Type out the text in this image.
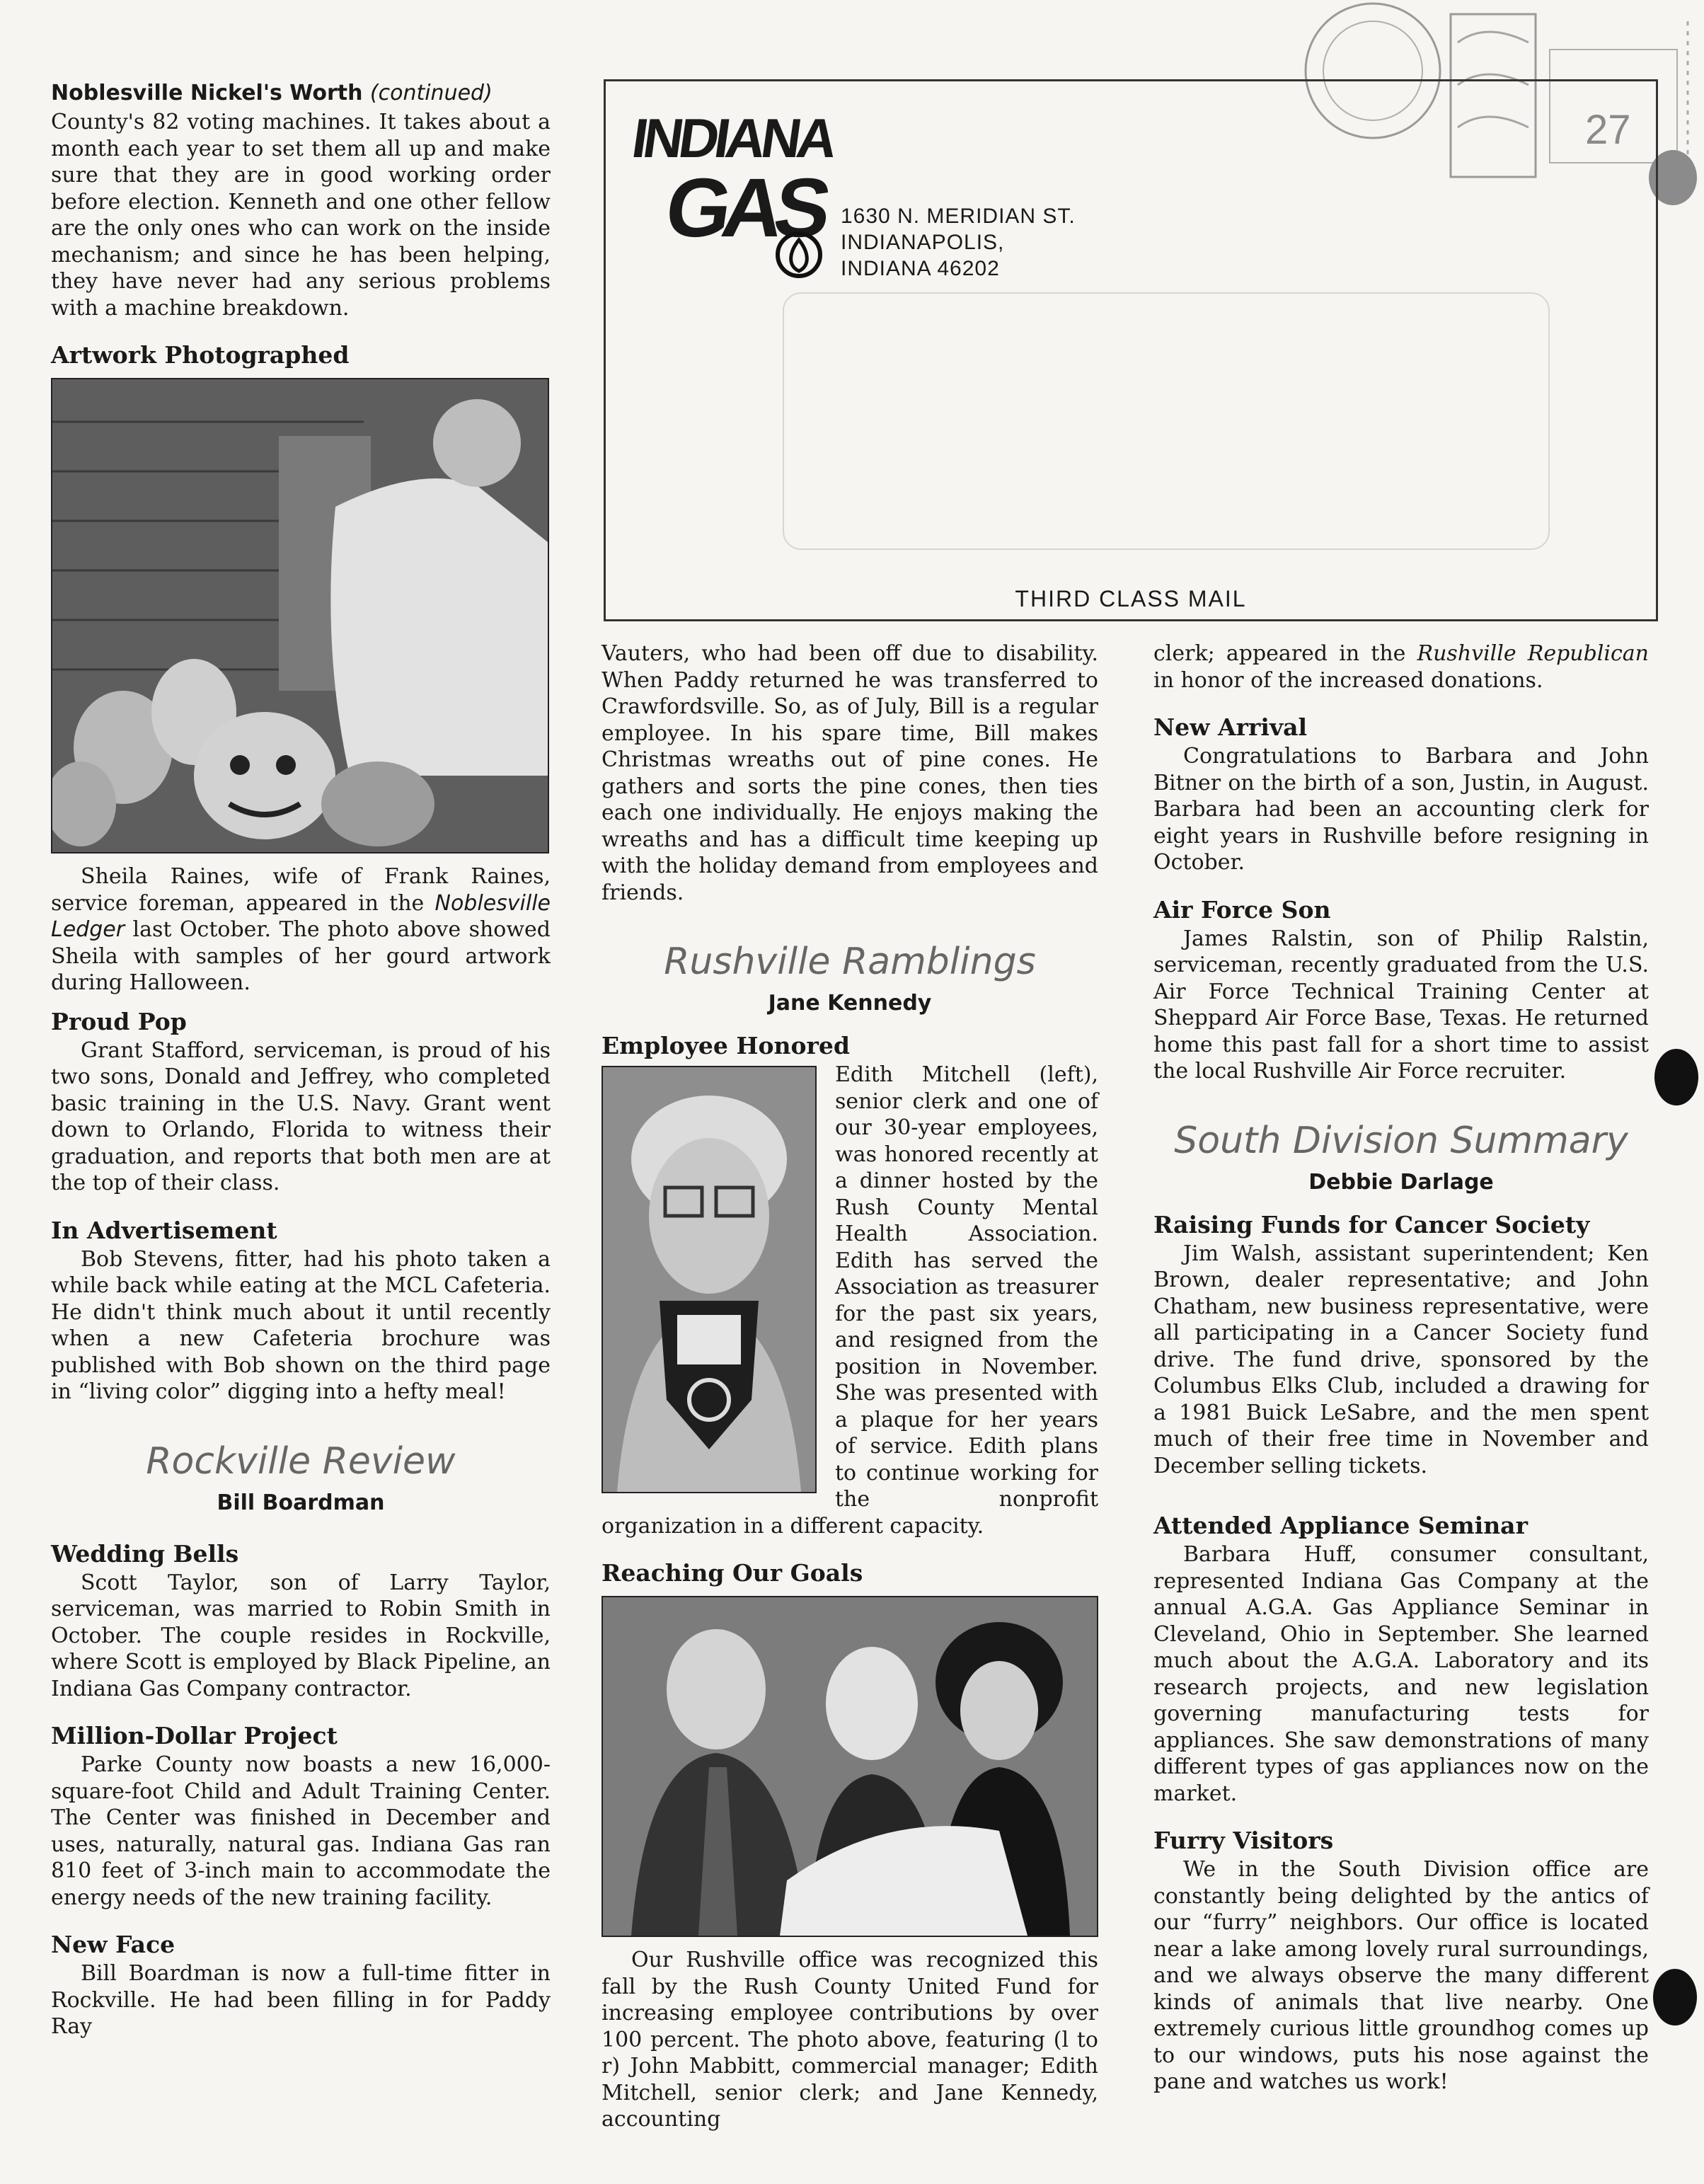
27
INDIANA
GAS 1630 N. MERIDIAN ST.
INDIANAPOLIS,
INDIANA 46202
THIRD CLASS MAIL
Noblesville Nickel's Worth (continued)

County's 82 voting machines. It takes about a month each year to set them all up and make sure that they are in good working order before election. Kenneth and one other fellow are the only ones who can work on the inside mechanism; and since he has been helping, they have never had any serious problems with a machine breakdown.

Artwork Photographed

Sheila Raines, wife of Frank Raines, service foreman, appeared in the Noblesville Ledger last October. The photo above showed Sheila with samples of her gourd artwork during Halloween.

Proud Pop

Grant Stafford, serviceman, is proud of his two sons, Donald and Jeffrey, who completed basic training in the U.S. Navy. Grant went down to Orlando, Florida to witness their graduation, and reports that both men are at the top of their class.

In Advertisement

Bob Stevens, fitter, had his photo taken a while back while eating at the MCL Cafeteria. He didn't think much about it until recently when a new Cafeteria brochure was published with Bob shown on the third page in “living color” digging into a hefty meal!

Rockville Review
Bill Boardman
Wedding Bells

Scott Taylor, son of Larry Taylor, serviceman, was married to Robin Smith in October. The couple resides in Rockville, where Scott is employed by Black Pipeline, an Indiana Gas Company contractor.

Million-Dollar Project

Parke County now boasts a new 16,000-square-foot Child and Adult Training Center. The Center was finished in December and uses, naturally, natural gas. Indiana Gas ran 810 feet of 3-inch main to accommodate the energy needs of the new training facility.

New Face

Bill Boardman is now a full-time fitter in Rockville. He had been filling in for Paddy Ray

Vauters, who had been off due to disability. When Paddy returned he was transferred to Crawfordsville. So, as of July, Bill is a regular employee. In his spare time, Bill makes Christmas wreaths out of pine cones. He gathers and sorts the pine cones, then ties each one individually. He enjoys making the wreaths and has a difficult time keeping up with the holiday demand from employees and friends.

Rushville Ramblings
Jane Kennedy
Employee Honored

Edith Mitchell (left), senior clerk and one of our 30-year employees, was honored recently at a dinner hosted by the Rush County Mental Health Association. Edith has served the Association as treasurer for the past six years, and resigned from the position in November. She was presented with a plaque for her years of service. Edith plans to continue working for the nonprofit organization in a different capacity.

Reaching Our Goals

Our Rushville office was recognized this fall by the Rush County United Fund for increasing employee contributions by over 100 percent. The photo above, featuring (l to r) John Mabbitt, commercial manager; Edith Mitchell, senior clerk; and Jane Kennedy, accounting

clerk; appeared in the Rushville Republican in honor of the increased donations.

New Arrival

Congratulations to Barbara and John Bitner on the birth of a son, Justin, in August. Barbara had been an accounting clerk for eight years in Rushville before resigning in October.

Air Force Son

James Ralstin, son of Philip Ralstin, serviceman, recently graduated from the U.S. Air Force Technical Training Center at Sheppard Air Force Base, Texas. He returned home this past fall for a short time to assist the local Rushville Air Force recruiter.

South Division Summary
Debbie Darlage
Raising Funds for Cancer Society

Jim Walsh, assistant superintendent; Ken Brown, dealer representative; and John Chatham, new business representative, were all participating in a Cancer Society fund drive. The fund drive, sponsored by the Columbus Elks Club, included a drawing for a 1981 Buick LeSabre, and the men spent much of their free time in November and December selling tickets.

Attended Appliance Seminar

Barbara Huff, consumer consultant, represented Indiana Gas Company at the annual A.G.A. Gas Appliance Seminar in Cleveland, Ohio in September. She learned much about the A.G.A. Laboratory and its research projects, and new legislation governing manufacturing tests for appliances. She saw demonstrations of many different types of gas appliances now on the market.

Furry Visitors

We in the South Division office are constantly being delighted by the antics of our “furry” neighbors. Our office is located near a lake among lovely rural surroundings, and we always observe the many different kinds of animals that live nearby. One extremely curious little groundhog comes up to our windows, puts his nose against the pane and watches us work!
